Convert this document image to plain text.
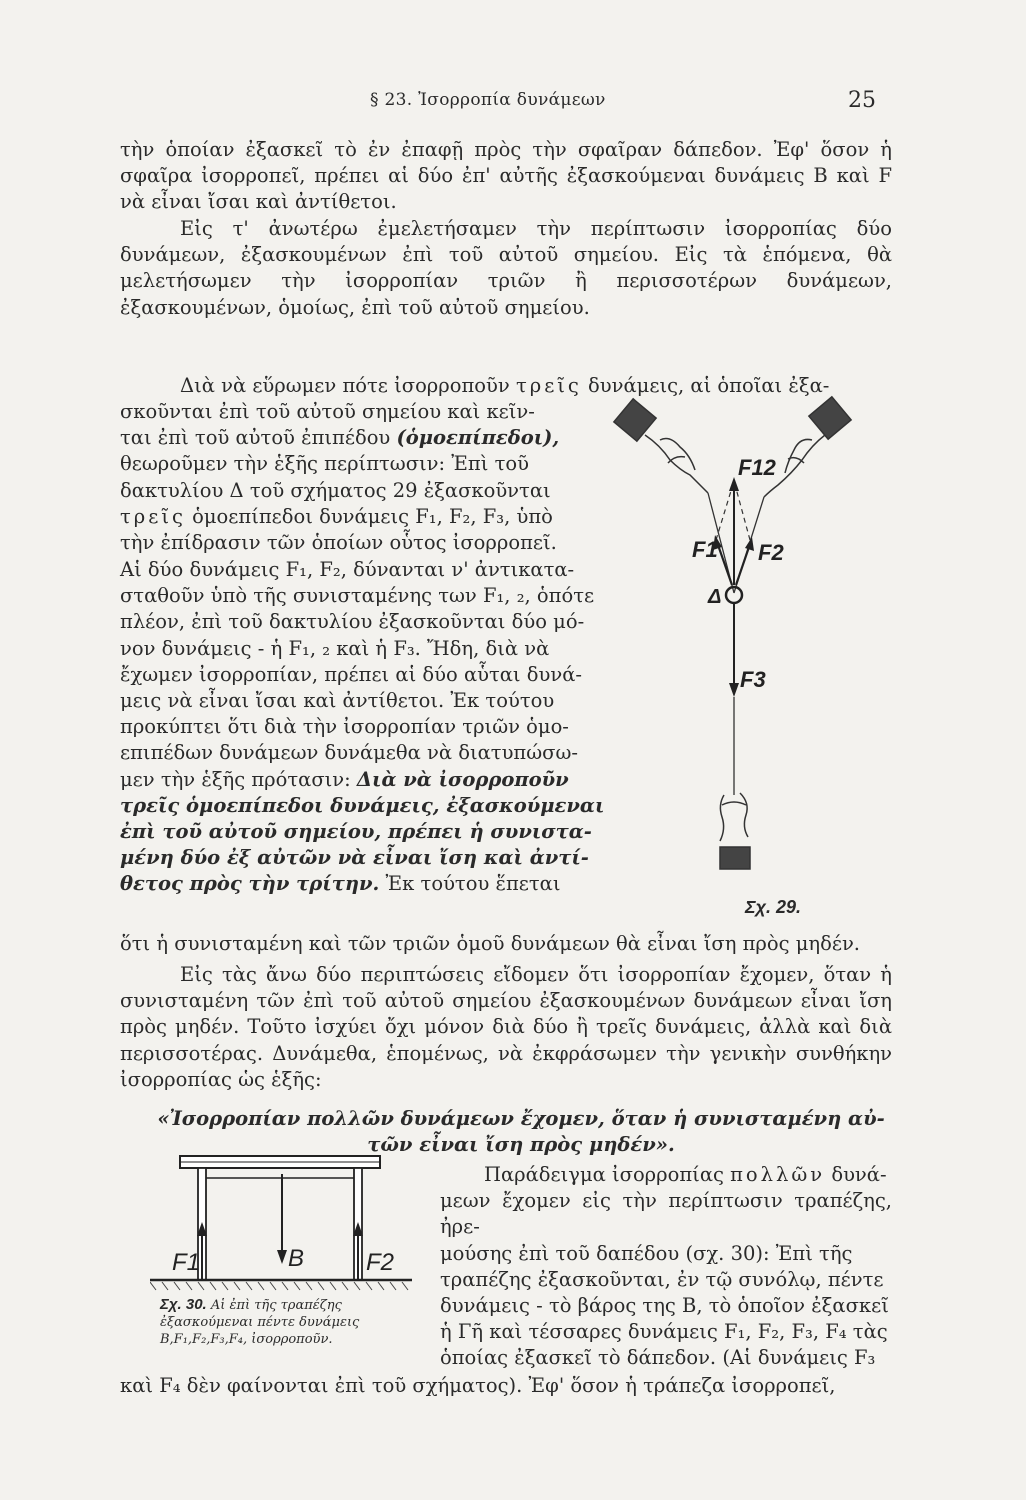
§ 23. Ἰσορροπία δυνάμεων	25

τὴν ὁποίαν ἐξασκεῖ τὸ ἐν ἐπαφῇ πρὸς τὴν σφαῖραν δάπεδον. Ἐφ' ὅσον ἡ σφαῖρα ἰσορροπεῖ, πρέπει αἱ δύο ἐπ' αὐτῆς ἐξασκούμεναι δυνάμεις B καὶ F νὰ εἶναι ἴσαι καὶ ἀντίθετοι.

Εἰς τ' ἀνωτέρω ἐμελετήσαμεν τὴν περίπτωσιν ἰσορροπίας δύο δυνάμεων, ἐξασκουμένων ἐπὶ τοῦ αὐτοῦ σημείου. Εἰς τὰ ἑπόμενα, θὰ μελετήσωμεν τὴν ἰσορροπίαν τριῶν ἢ περισσοτέρων δυνάμεων, ἐξασκουμένων, ὁμοίως, ἐπὶ τοῦ αὐτοῦ σημείου.

Διὰ νὰ εὕρωμεν πότε ἰσορροποῦν τρεῖς δυνάμεις, αἱ ὁποῖαι ἐξα-
σκοῦνται ἐπὶ τοῦ αὐτοῦ σημείου καὶ κεῖν-
ται ἐπὶ τοῦ αὐτοῦ ἐπιπέδου (ὁμοεπίπεδοι),
θεωροῦμεν τὴν ἑξῆς περίπτωσιν: Ἐπὶ τοῦ
δακτυλίου Δ τοῦ σχήματος 29 ἐξασκοῦνται
τρεῖς ὁμοεπίπεδοι δυνάμεις F₁, F₂, F₃, ὑπὸ
τὴν ἐπίδρασιν τῶν ὁποίων οὗτος ἰσορροπεῖ.
Αἱ δύο δυνάμεις F₁, F₂, δύνανται ν' ἀντικατα-
σταθοῦν ὑπὸ τῆς συνισταμένης των F₁, ₂, ὁπότε
πλέον, ἐπὶ τοῦ δακτυλίου ἐξασκοῦνται δύο μό-
νον δυνάμεις - ἡ F₁, ₂ καὶ ἡ F₃. Ἤδη, διὰ νὰ
ἔχωμεν ἰσορροπίαν, πρέπει αἱ δύο αὗται δυνά-
μεις νὰ εἶναι ἴσαι καὶ ἀντίθετοι. Ἐκ τούτου
προκύπτει ὅτι διὰ τὴν ἰσορροπίαν τριῶν ὁμο-
επιπέδων δυνάμεων δυνάμεθα νὰ διατυπώσω-
μεν τὴν ἑξῆς πρότασιν: Διὰ νὰ ἰσορροποῦν
τρεῖς ὁμοεπίπεδοι δυνάμεις, ἐξασκούμεναι
ἐπὶ τοῦ αὐτοῦ σημείου, πρέπει ἡ συνιστα-
μένη δύο ἐξ αὐτῶν νὰ εἶναι ἴση καὶ ἀντί-
θετος πρὸς τὴν τρίτην. Ἐκ τούτου ἕπεται
F12
F1 F2
Δ
F3
Σχ. 29.

ὅτι ἡ συνισταμένη καὶ τῶν τριῶν ὁμοῦ δυνάμεων θὰ εἶναι ἴση πρὸς μηδέν.

Εἰς τὰς ἄνω δύο περιπτώσεις εἴδομεν ὅτι ἰσορροπίαν ἔχομεν, ὅταν ἡ συνισταμένη τῶν ἐπὶ τοῦ αὐτοῦ σημείου ἐξασκουμένων δυνάμεων εἶναι ἴση πρὸς μηδέν. Τοῦτο ἰσχύει ὄχι μόνον διὰ δύο ἢ τρεῖς δυνάμεις, ἀλλὰ καὶ διὰ περισσοτέρας. Δυνάμεθα, ἑπομένως, νὰ ἐκφράσωμεν τὴν γενικὴν συνθήκην ἰσορροπίας ὡς ἑξῆς:

«Ἰσορροπίαν πολλῶν δυνάμεων ἔχομεν, ὅταν ἡ συνισταμένη αὐ-
τῶν εἶναι ἴση πρὸς μηδέν».
F1	B	F2
Σχ. 30. Αἱ ἐπὶ τῆς τραπέζης ἐξασκούμεναι πέντε δυνάμεις B,F₁,F₂,F₃,F₄, ἰσορροποῦν.
Παράδειγμα ἰσορροπίας πολλῶν δυνά-
μεων ἔχομεν εἰς τὴν περίπτωσιν τραπέζης, ἠρε-
μούσης ἐπὶ τοῦ δαπέδου (σχ. 30): Ἐπὶ τῆς
τραπέζης ἐξασκοῦνται, ἐν τῷ συνόλῳ, πέντε
δυνάμεις - τὸ βάρος της B, τὸ ὁποῖον ἐξασκεῖ
ἡ Γῆ καὶ τέσσαρες δυνάμεις F₁, F₂, F₃, F₄ τὰς
ὁποίας ἐξασκεῖ τὸ δάπεδον. (Αἱ δυνάμεις F₃
καὶ F₄ δὲν φαίνονται ἐπὶ τοῦ σχήματος). Ἐφ' ὅσον ἡ τράπεζα ἰσορροπεῖ,
